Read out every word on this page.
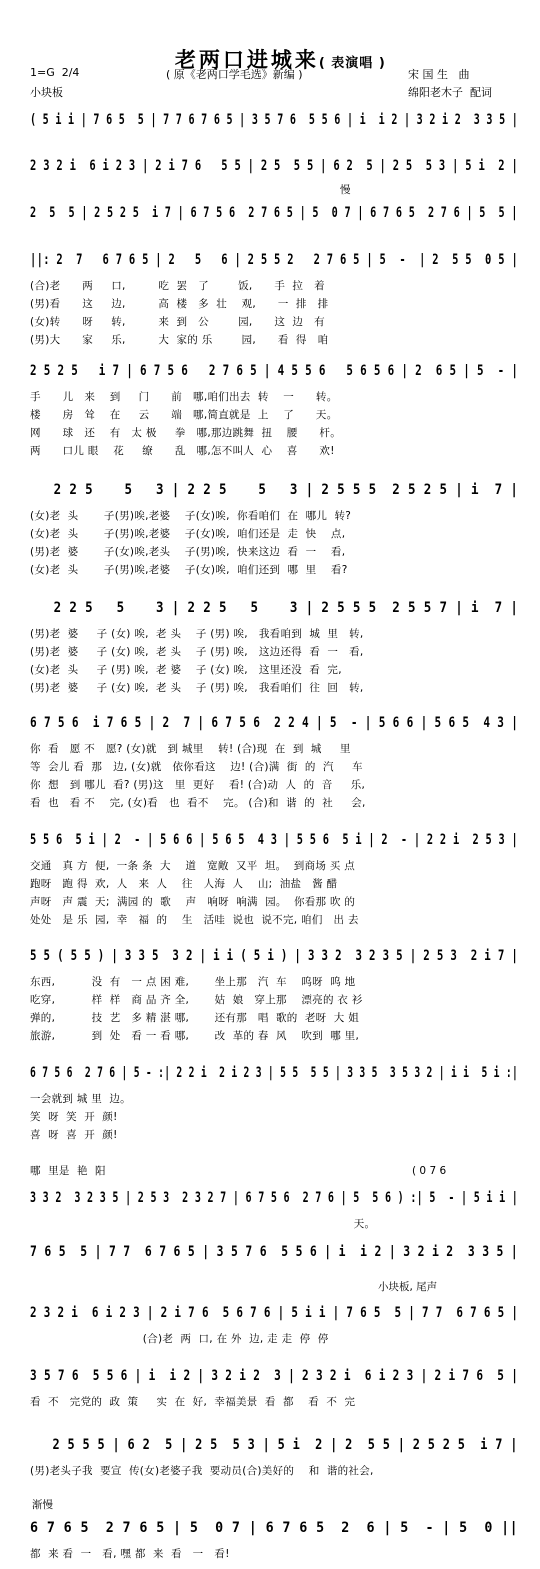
老两口进城来( 表演唱 )

1=G  2/4
小块板
( 原《老两口学毛选》新编 )	宋 国 生   曲
绵阳老木子  配词
( 5 i i | 7 6 5  5 | 7 7 6 7 6 5 | 3 5 7 6  5 5 6 | i  i 2 | 3 2 i 2  3 3 5 |
2 3 2 i  6 i 2 3 | 2 i 7 6   5 5 | 2 5  5 5 | 6 2  5 | 2 5  5 3 | 5 i  2 |
慢
2  5  5 | 2 5 2 5  i 7 | 6 7 5 6  2 7 6 5 | 5  0 7 | 6 7 6 5  2 7 6 | 5  5 |
||: 2  7   6 7 6 5 | 2   5   6 | 2 5 5 2   2 7 6 5 | 5  -  | 2  5 5  0 5 |
(合)老      两     口,         吃  罢   了        饭,      手  拉   着
(男)看      这     边,         高  楼   多  壮    观,      一  排   排
(女)转      呀     转,         来  到   公        园,      这  边   有
(男)大      家     乐,         大  家的 乐        园,      看  得   咱
2 5 2 5   i 7 | 6 7 5 6   2 7 6 5 | 4 5 5 6   5 6 5 6 | 2  6 5 | 5  - |
手      儿   来    到     门      前   哪,咱们出去  转    一      转。
楼      房   耸    在     云      端   哪,简直就是  上    了      天。
网      球   还    有   太 极     拳   哪,那边跳舞  扭    腰      杆。
两      口儿 眼    花     缭      乱   哪,怎不叫人  心    喜      欢!
2 2 5    5   3 | 2 2 5    5   3 | 2 5 5 5  2 5 2 5 | i  7 |
(女)老  头       子(男)唉,老婆    子(女)唉,  你看咱们  在  哪儿  转?
(女)老  头       子(男)唉,老婆    子(女)唉,  咱们还是  走  快    点,
(男)老  婆       子(女)唉,老头    子(男)唉,  快来这边  看  一    看,
(女)老  头       子(男)唉,老婆    子(女)唉,  咱们还到  哪  里    看?
2 2 5   5    3 | 2 2 5   5    3 | 2 5 5 5  2 5 5 7 | i  7 |
(男)老  婆     子 (女) 唉,  老 头    子 (男) 唉,   我看咱到  城  里   转,
(男)老  婆     子 (女) 唉,  老 头    子 (男) 唉,   这边还得  看  一   看,
(女)老  头     子 (男) 唉,  老 婆    子 (女) 唉,   这里还没  看  完,
(男)老  婆     子 (女) 唉,  老 头    子 (男) 唉,   我看咱们  往  回   转,
6 7 5 6  i 7 6 5 | 2  7 | 6 7 5 6  2 2 4 | 5  - | 5 6 6 | 5 6 5  4 3 |
你  看   愿 不   愿? (女)就   到 城里    转! (合)现  在  到  城     里
等  会儿 看  那   边, (女)就   依你看这    边! (合)满  街  的  汽     车
你  想   到 哪儿  看? (男)这   里  更好    看! (合)动  人  的  音     乐,
看  也   看 不    完, (女)看   也  看不    完。 (合)和  谐  的  社     会,
5 5 6  5 i | 2  - | 5 6 6 | 5 6 5  4 3 | 5 5 6  5 i | 2  - | 2 2 i  2 5 3 |
交通   真 方  便,  一条 条  大    道   宽敞  又平  坦。  到商场 买 点
跑呀   跑 得  欢,  人   来  人    往   人海  人    山;  油盐   酱 醋
声呀   声 震  天;  满园 的  歌    声   响呀  响满  园。  你看那 吹 的
处处   是 乐  园,  幸   福  的    生   活哇  说也  说不完, 咱们   出 去
5 5 ( 5 5 ) | 3 3 5  3 2 | i i ( 5 i ) | 3 3 2  3 2 3 5 | 2 5 3  2 i 7 |
东西,          没  有   一 点 困 难,       坐上那   汽  车    呜呀  呜 地
吃穿,          样  样   商 品 齐 全,       姑  娘   穿上那    漂亮的 衣 衫
弹的,          技  艺   多 精 湛 哪,       还有那   唱  歌的  老呀  大 姐
旅游,          到  处   看 一 看 哪,       改  革的 春  风    吹到  哪 里,
6 7 5 6  2 7 6 | 5 - :| 2 2 i  2 i 2 3 | 5 5  5 5 | 3 3 5  3 5 3 2 | i i  5 i :|
一会就到 城 里  边。
笑  呀  笑  开  颜!
喜  呀  喜  开  颜!
哪  里是  艳  阳
3 3 2  3 2 3 5 | 2 5 3  2 3 2 7 | 6 7 5 6  2 7 6 | 5  5 6 ) :| 5  - | 5 i i |
天。
( 0 7 6
7 6 5  5 | 7 7  6 7 6 5 | 3 5 7 6  5 5 6 | i  i 2 | 3 2 i 2  3 3 5 |
小块板, 尾声
2 3 2 i  6 i 2 3 | 2 i 7 6  5 6 7 6 | 5 i i | 7 6 5  5 | 7 7  6 7 6 5 |
(合)老  两  口, 在 外  边, 走 走  停  停
3 5 7 6  5 5 6 | i  i 2 | 3 2 i 2  3 | 2 3 2 i  6 i 2 3 | 2 i 7 6  5 |
看  不   完党的  政  策     实  在  好,  幸福美景  看  都    看  不  完
2 5 5 5 | 6 2  5 | 2 5  5 3 | 5 i  2 | 2  5 5 | 2 5 2 5  i 7 |
(男)老头子我  要宣  传(女)老婆子我  要动员(合)美好的    和  谐的社会,
6 7 6 5  2 7 6 5 | 5  0 7 | 6 7 6 5  2  6 | 5  - | 5  0 ||
都  来 看  一   看, 嘿 都  来  看   一   看!
渐慢
